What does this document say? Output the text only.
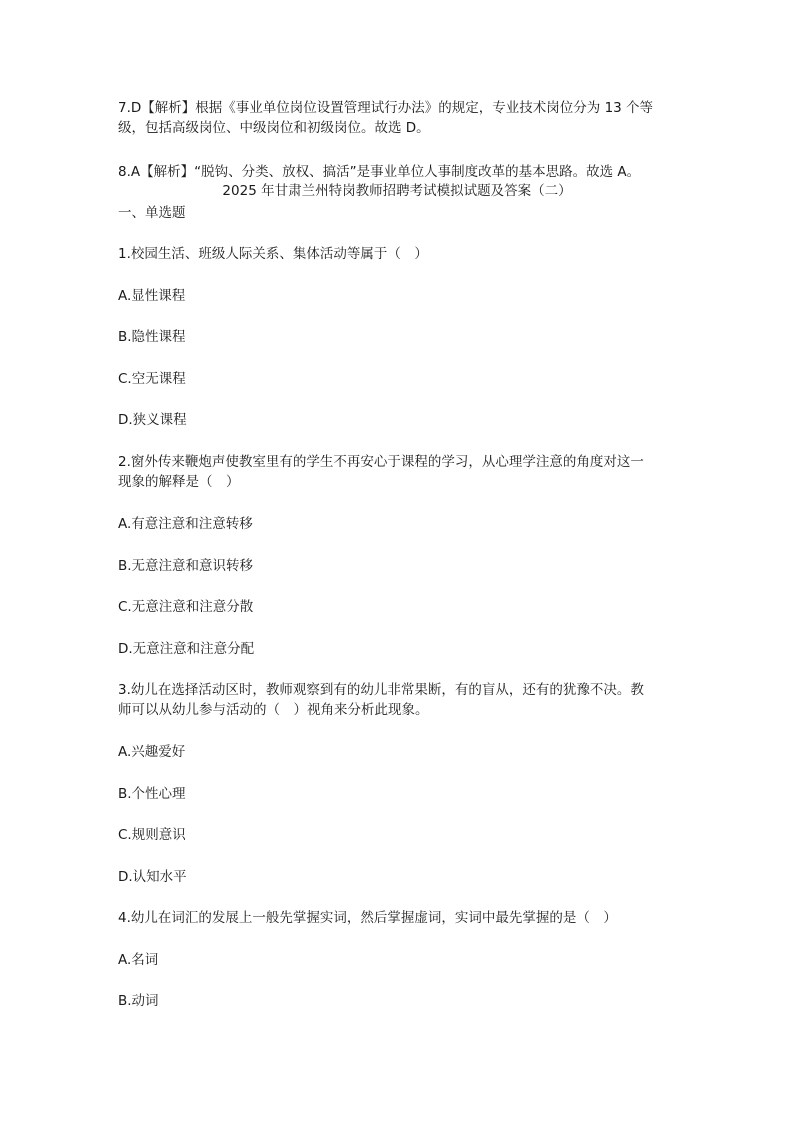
7.D【解析】根据《事业单位岗位设置管理试行办法》的规定，专业技术岗位分为 13 个等
级，包括高级岗位、中级岗位和初级岗位。故选 D。
8.A【解析】“脱钩、分类、放权、搞活”是事业单位人事制度改革的基本思路。故选 A。
2025 年甘肃兰州特岗教师招聘考试模拟试题及答案（二）
一、单选题
1.校园生活、班级人际关系、集体活动等属于（　）
A.显性课程
B.隐性课程
C.空无课程
D.狭义课程
2.窗外传来鞭炮声使教室里有的学生不再安心于课程的学习，从心理学注意的角度对这一
现象的解释是（　）
A.有意注意和注意转移
B.无意注意和意识转移
C.无意注意和注意分散
D.无意注意和注意分配
3.幼儿在选择活动区时，教师观察到有的幼儿非常果断，有的盲从，还有的犹豫不决。教
师可以从幼儿参与活动的（　）视角来分析此现象。
A.兴趣爱好
B.个性心理
C.规则意识
D.认知水平
4.幼儿在词汇的发展上一般先掌握实词，然后掌握虚词，实词中最先掌握的是（　）
A.名词
B.动词
